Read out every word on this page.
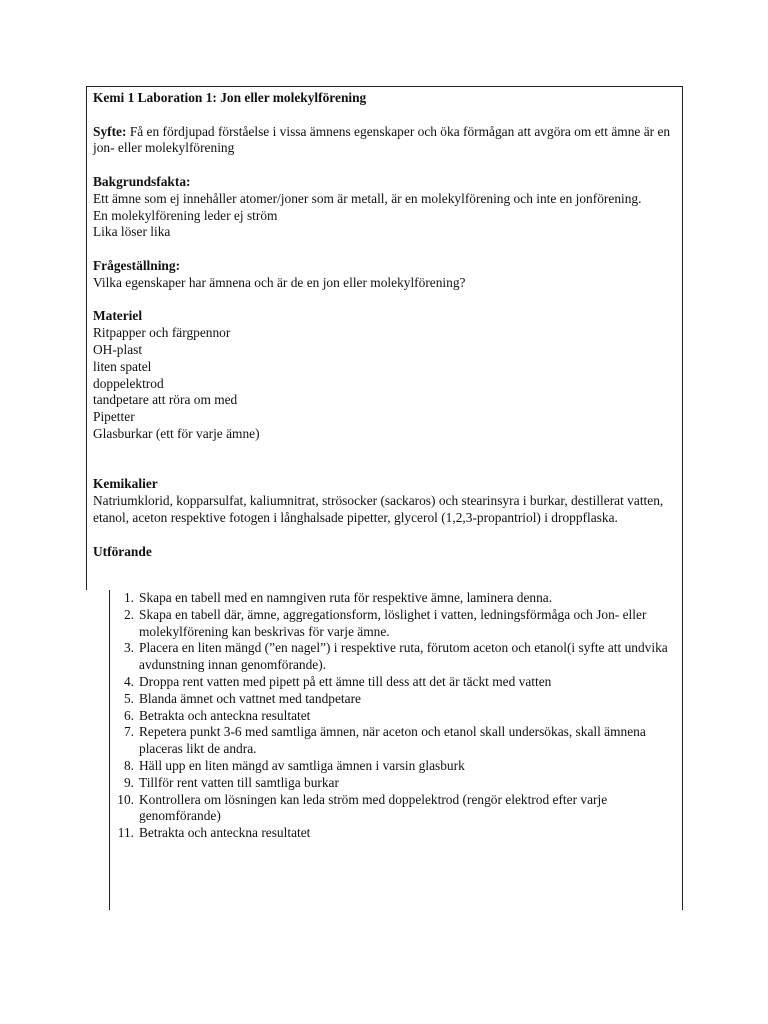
Kemi 1 Laboration 1: Jon eller molekylförening

Syfte: Få en fördjupad förståelse i vissa ämnens egenskaper och öka förmågan att avgöra om ett ämne är en jon- eller molekylförening

Bakgrundsfakta:

Ett ämne som ej innehåller atomer/joner som är metall, är en molekylförening och inte en jonförening.

En molekylförening leder ej ström

Lika löser lika

Frågeställning:

Vilka egenskaper har ämnena och är de en jon eller molekylförening?

Materiel

Ritpapper och färgpennor

OH-plast

liten spatel

doppelektrod

tandpetare att röra om med

Pipetter

Glasburkar (ett för varje ämne)

Kemikalier

Natriumklorid, kopparsulfat, kaliumnitrat, strösocker (sackaros) och stearinsyra i burkar, destillerat vatten, etanol, aceton respektive fotogen i långhalsade pipetter, glycerol (1,2,3-propantriol) i droppflaska.

Utförande

1. Skapa en tabell med en namngiven ruta för respektive ämne, laminera denna.
2. Skapa en tabell där, ämne, aggregationsform, löslighet i vatten, ledningsförmåga och Jon- eller molekylförening kan beskrivas för varje ämne.
3. Placera en liten mängd (”en nagel”) i respektive ruta, förutom aceton och etanol(i syfte att undvika avdunstning innan genomförande).
4. Droppa rent vatten med pipett på ett ämne till dess att det är täckt med vatten
5. Blanda ämnet och vattnet med tandpetare
6. Betrakta och anteckna resultatet
7. Repetera punkt 3-6 med samtliga ämnen, när aceton och etanol skall undersökas, skall ämnena placeras likt de andra.
8. Häll upp en liten mängd av samtliga ämnen i varsin glasburk
9. Tillför rent vatten till samtliga burkar
10. Kontrollera om lösningen kan leda ström med doppelektrod (rengör elektrod efter varje genomförande)
11. Betrakta och anteckna resultatet
